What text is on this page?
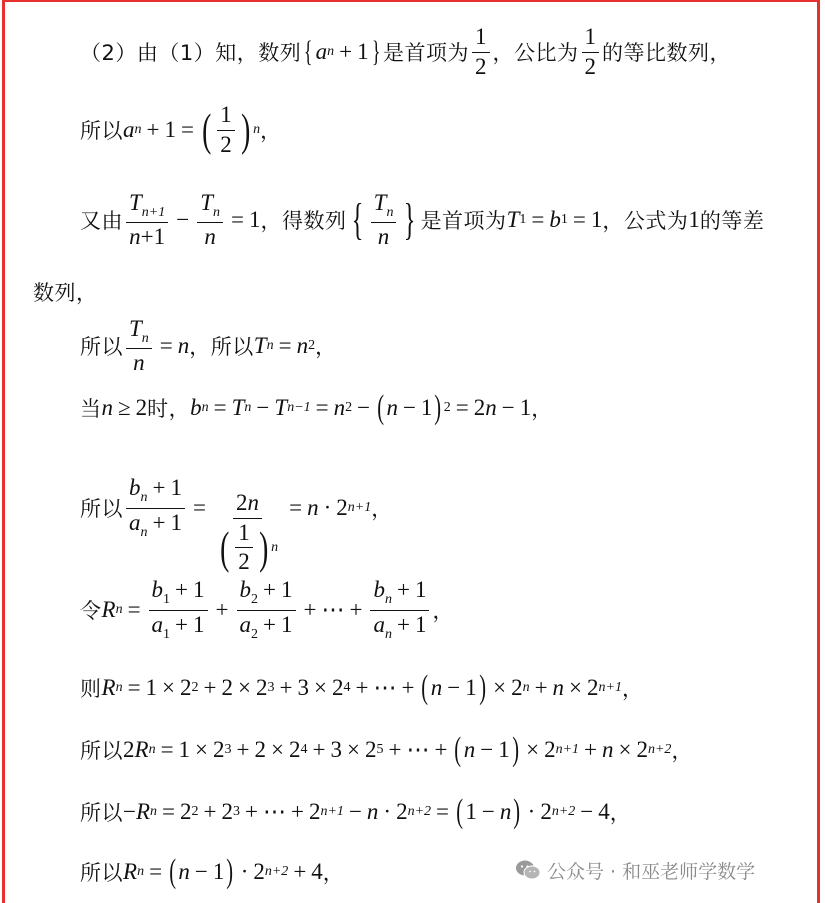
（2）由（1）知，数列 { a n + 1 } 是首项为 $\frac{1}{2}$ ，公比为 $\frac{1}{2}$ 的等比数列，
所以 a n + 1 = ( $\frac{1}{2}$ ) n ，
又由 $\frac{T_{n+1}}{n+1} - \frac{T_n}{n} = 1$ ，得数列 { $\frac{T_n}{n}$ } 是首项为 T 1 = b 1 = 1 ，公式为 1 的等差
数列，
所以 $\frac{T_n}{n} = n$ ，所以 T n = n 2 ，
当 n ≥ 2 时， b n = T n − T n−1 = n 2 − ( n − 1 ) 2 = 2 n − 1 ，
所以 $\frac{b_n + 1}{a_n + 1} = \frac{2n}{( \frac{1}{2} ) n} = n \cdot 2$ n+1 ，
令 R $n = \frac{b_1 + 1}{a_1 + 1} + \frac{b_2 + 1}{a_2 + 1}$ + ⋯ + $\frac{b_n + 1}{a_n + 1}$ ，
则 R n = 1 × 2 2 + 2 × 2 3 + 3 × 2 4 + ⋯ + ( n − 1 ) × 2 n + n × 2 n+1 ，
所以 2 R n = 1 × 2 3 + 2 × 2 4 + 3 × 2 5 + ⋯ + ( n − 1 ) × 2 n+1 + n × 2 n+2 ，
所以 − R n = 2 2 + 2 3 + ⋯ + 2 n+1 − n · 2 n+2 = ( 1 − n ) · 2 n+2 − 4 ，
所以 R n = ( n − 1 ) · 2 n+2 + 4 ，	公众号 · 和巫老师学数学
